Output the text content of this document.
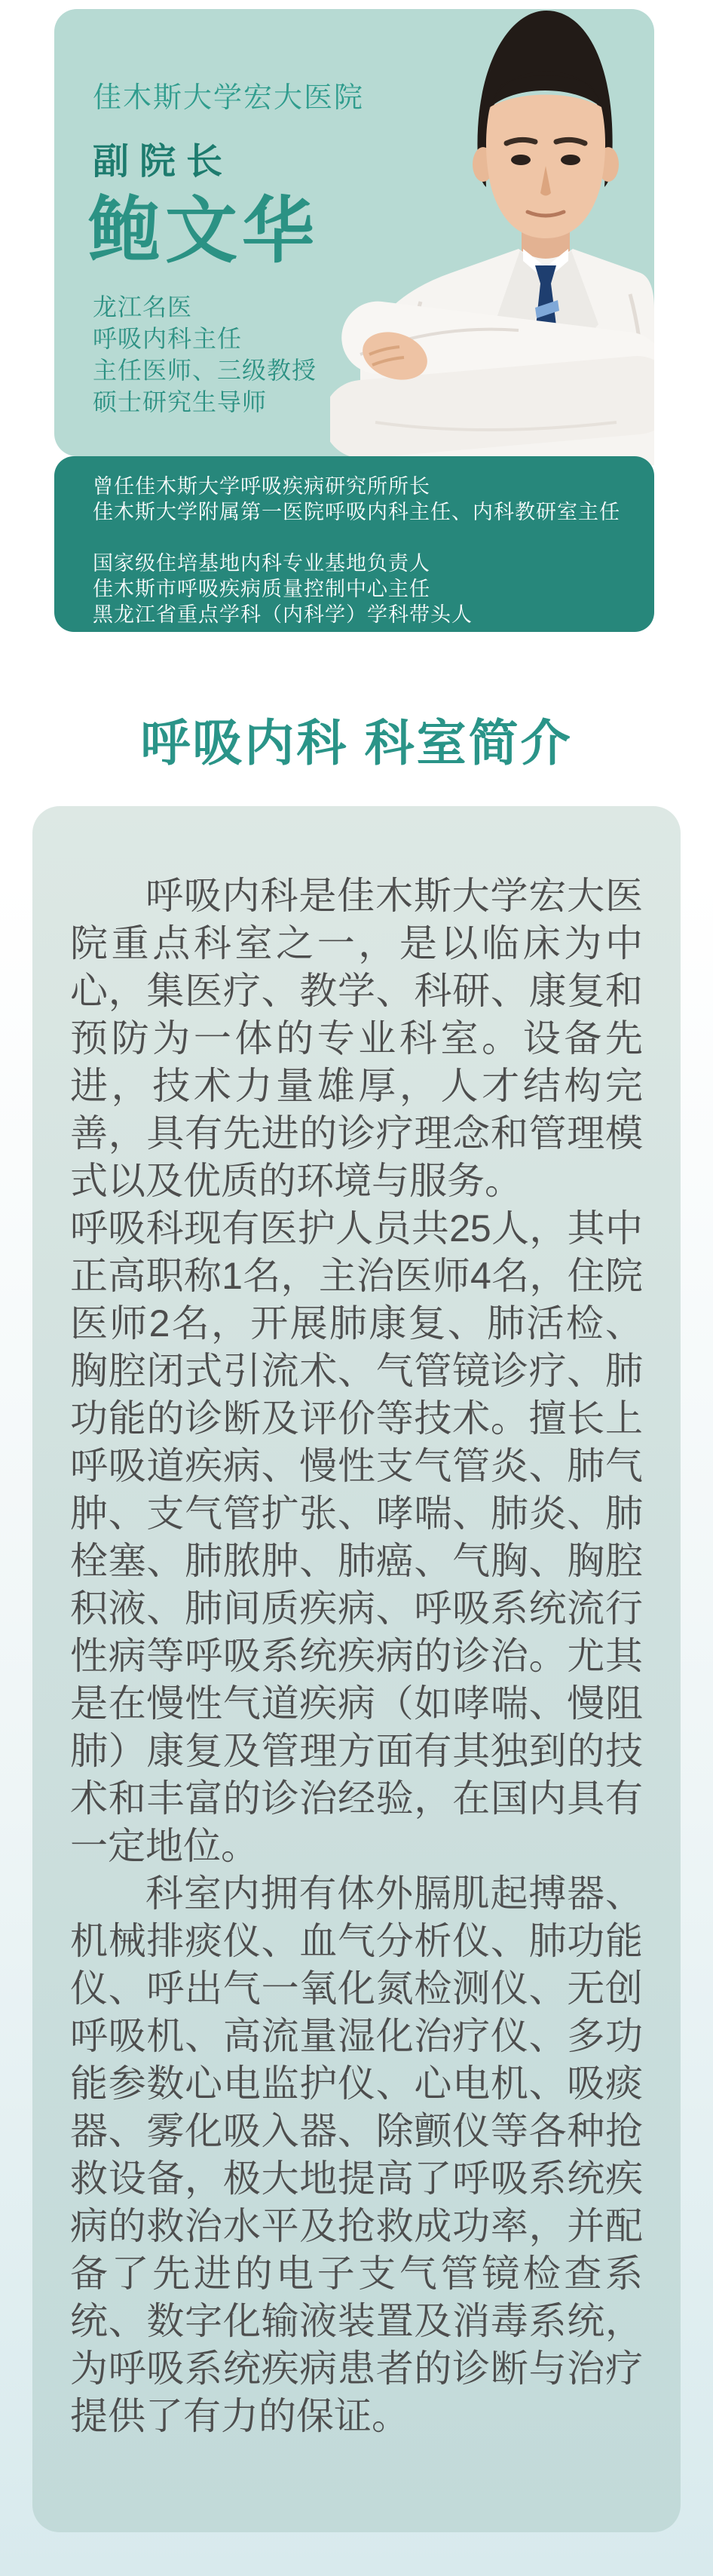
佳木斯大学宏大医院
副院长
鲍文华
龙江名医
呼吸内科主任
主任医师、三级教授
硕士研究生导师
曾任佳木斯大学呼吸疾病研究所所长
佳木斯大学附属第一医院呼吸内科主任、内科教研室主任
国家级住培基地内科专业基地负责人
佳木斯市呼吸疾病质量控制中心主任
黑龙江省重点学科（内科学）学科带头人
呼吸内科 科室简介

呼吸内科是佳木斯大学宏大医院重点科室之一，是以临床为中心，集医疗、教学、科研、康复和预防为一体的专业科室。设备先进，技术力量雄厚，人才结构完善，具有先进的诊疗理念和管理模式以及优质的环境与服务。

呼吸科现有医护人员共25人，其中正高职称1名，主治医师4名，住院医师2名，开展肺康复、肺活检、胸腔闭式引流术、气管镜诊疗、肺功能的诊断及评价等技术。擅长上呼吸道疾病、慢性支气管炎、肺气肿、支气管扩张、哮喘、肺炎、肺栓塞、肺脓肿、肺癌、气胸、胸腔积液、肺间质疾病、呼吸系统流行性病等呼吸系统疾病的诊治。尤其是在慢性气道疾病（如哮喘、慢阻肺）康复及管理方面有其独到的技术和丰富的诊治经验，在国内具有一定地位。

科室内拥有体外膈肌起搏器、机械排痰仪、血气分析仪、肺功能仪、呼出气一氧化氮检测仪、无创呼吸机、高流量湿化治疗仪、多功能参数心电监护仪、心电机、吸痰器、雾化吸入器、除颤仪等各种抢救设备，极大地提高了呼吸系统疾病的救治水平及抢救成功率，并配备了先进的电子支气管镜检查系统、数字化输液装置及消毒系统，为呼吸系统疾病患者的诊断与治疗提供了有力的保证。
